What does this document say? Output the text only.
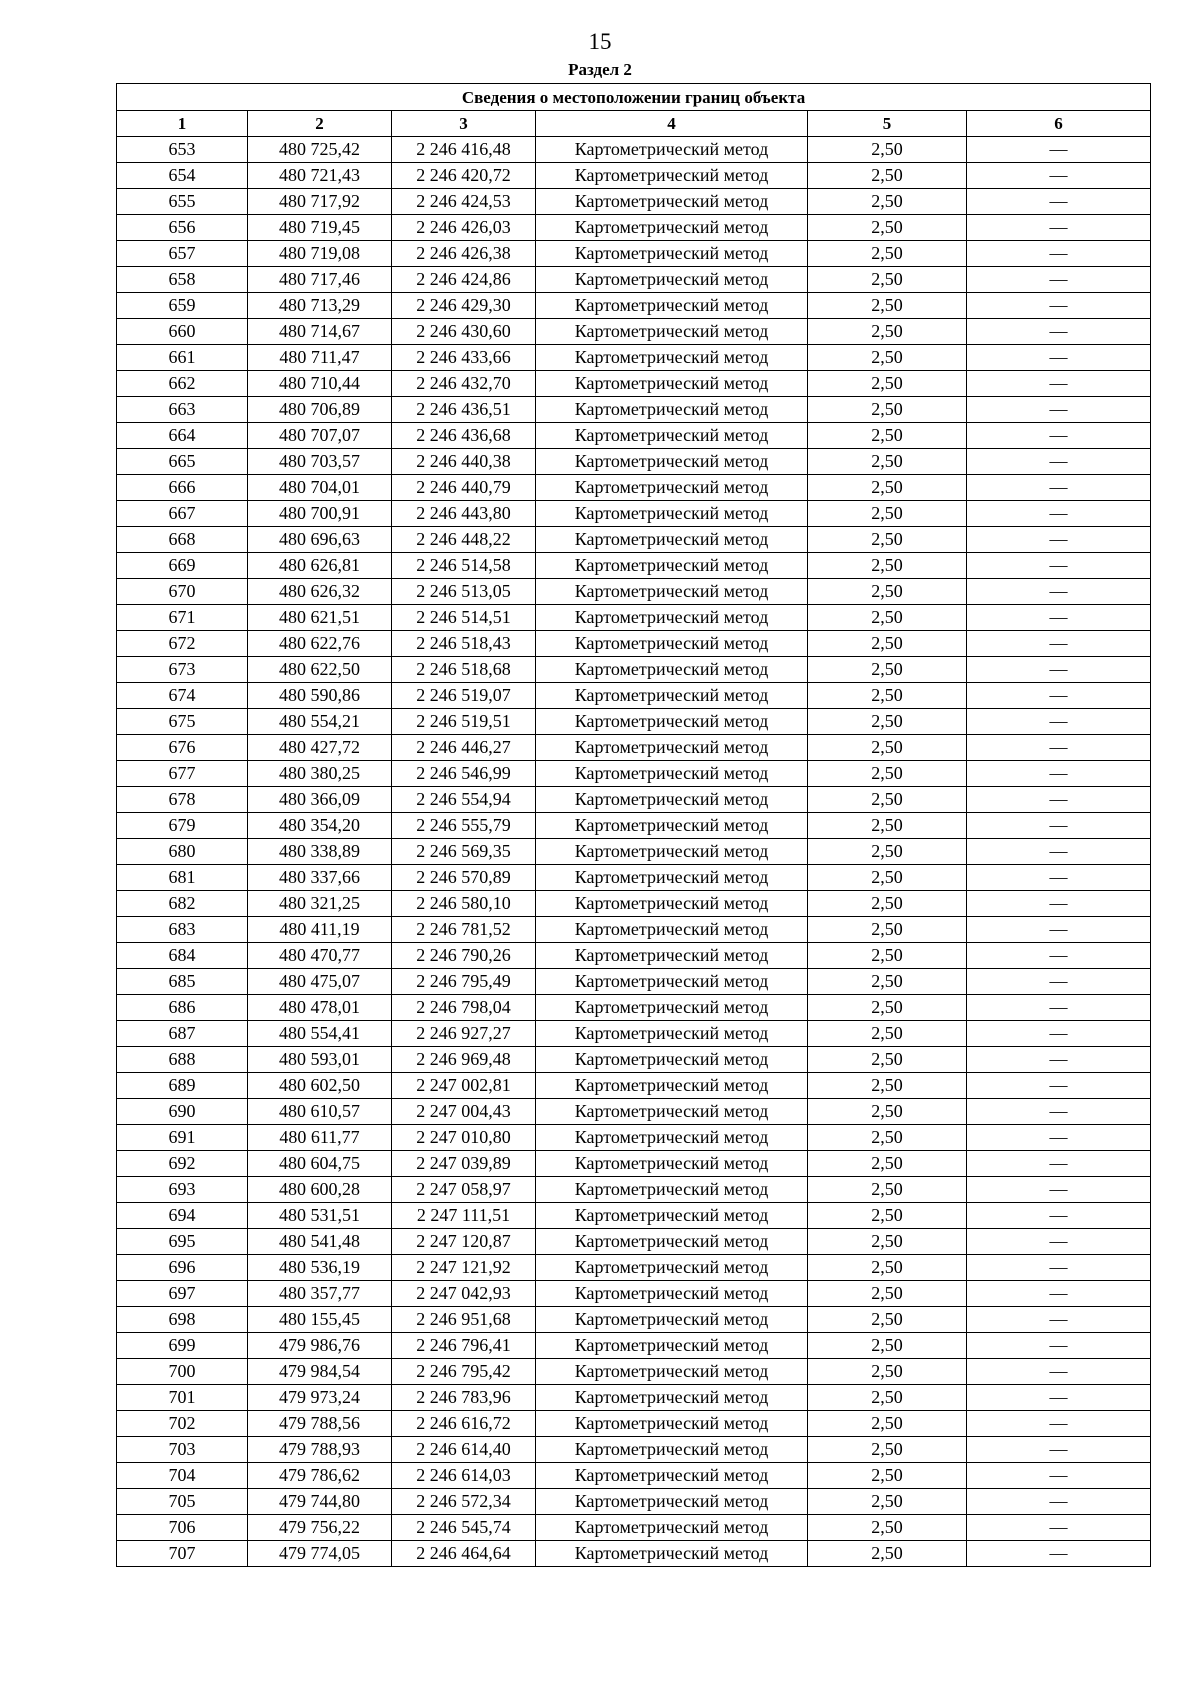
15
Раздел 2
Сведения о местоположении границ объекта					
1	2	3	4	5	6
653	480 725,42	2 246 416,48	Картометрический метод	2,50	—
654	480 721,43	2 246 420,72	Картометрический метод	2,50	—
655	480 717,92	2 246 424,53	Картометрический метод	2,50	—
656	480 719,45	2 246 426,03	Картометрический метод	2,50	—
657	480 719,08	2 246 426,38	Картометрический метод	2,50	—
658	480 717,46	2 246 424,86	Картометрический метод	2,50	—
659	480 713,29	2 246 429,30	Картометрический метод	2,50	—
660	480 714,67	2 246 430,60	Картометрический метод	2,50	—
661	480 711,47	2 246 433,66	Картометрический метод	2,50	—
662	480 710,44	2 246 432,70	Картометрический метод	2,50	—
663	480 706,89	2 246 436,51	Картометрический метод	2,50	—
664	480 707,07	2 246 436,68	Картометрический метод	2,50	—
665	480 703,57	2 246 440,38	Картометрический метод	2,50	—
666	480 704,01	2 246 440,79	Картометрический метод	2,50	—
667	480 700,91	2 246 443,80	Картометрический метод	2,50	—
668	480 696,63	2 246 448,22	Картометрический метод	2,50	—
669	480 626,81	2 246 514,58	Картометрический метод	2,50	—
670	480 626,32	2 246 513,05	Картометрический метод	2,50	—
671	480 621,51	2 246 514,51	Картометрический метод	2,50	—
672	480 622,76	2 246 518,43	Картометрический метод	2,50	—
673	480 622,50	2 246 518,68	Картометрический метод	2,50	—
674	480 590,86	2 246 519,07	Картометрический метод	2,50	—
675	480 554,21	2 246 519,51	Картометрический метод	2,50	—
676	480 427,72	2 246 446,27	Картометрический метод	2,50	—
677	480 380,25	2 246 546,99	Картометрический метод	2,50	—
678	480 366,09	2 246 554,94	Картометрический метод	2,50	—
679	480 354,20	2 246 555,79	Картометрический метод	2,50	—
680	480 338,89	2 246 569,35	Картометрический метод	2,50	—
681	480 337,66	2 246 570,89	Картометрический метод	2,50	—
682	480 321,25	2 246 580,10	Картометрический метод	2,50	—
683	480 411,19	2 246 781,52	Картометрический метод	2,50	—
684	480 470,77	2 246 790,26	Картометрический метод	2,50	—
685	480 475,07	2 246 795,49	Картометрический метод	2,50	—
686	480 478,01	2 246 798,04	Картометрический метод	2,50	—
687	480 554,41	2 246 927,27	Картометрический метод	2,50	—
688	480 593,01	2 246 969,48	Картометрический метод	2,50	—
689	480 602,50	2 247 002,81	Картометрический метод	2,50	—
690	480 610,57	2 247 004,43	Картометрический метод	2,50	—
691	480 611,77	2 247 010,80	Картометрический метод	2,50	—
692	480 604,75	2 247 039,89	Картометрический метод	2,50	—
693	480 600,28	2 247 058,97	Картометрический метод	2,50	—
694	480 531,51	2 247 111,51	Картометрический метод	2,50	—
695	480 541,48	2 247 120,87	Картометрический метод	2,50	—
696	480 536,19	2 247 121,92	Картометрический метод	2,50	—
697	480 357,77	2 247 042,93	Картометрический метод	2,50	—
698	480 155,45	2 246 951,68	Картометрический метод	2,50	—
699	479 986,76	2 246 796,41	Картометрический метод	2,50	—
700	479 984,54	2 246 795,42	Картометрический метод	2,50	—
701	479 973,24	2 246 783,96	Картометрический метод	2,50	—
702	479 788,56	2 246 616,72	Картометрический метод	2,50	—
703	479 788,93	2 246 614,40	Картометрический метод	2,50	—
704	479 786,62	2 246 614,03	Картометрический метод	2,50	—
705	479 744,80	2 246 572,34	Картометрический метод	2,50	—
706	479 756,22	2 246 545,74	Картометрический метод	2,50	—
707	479 774,05	2 246 464,64	Картометрический метод	2,50	—
